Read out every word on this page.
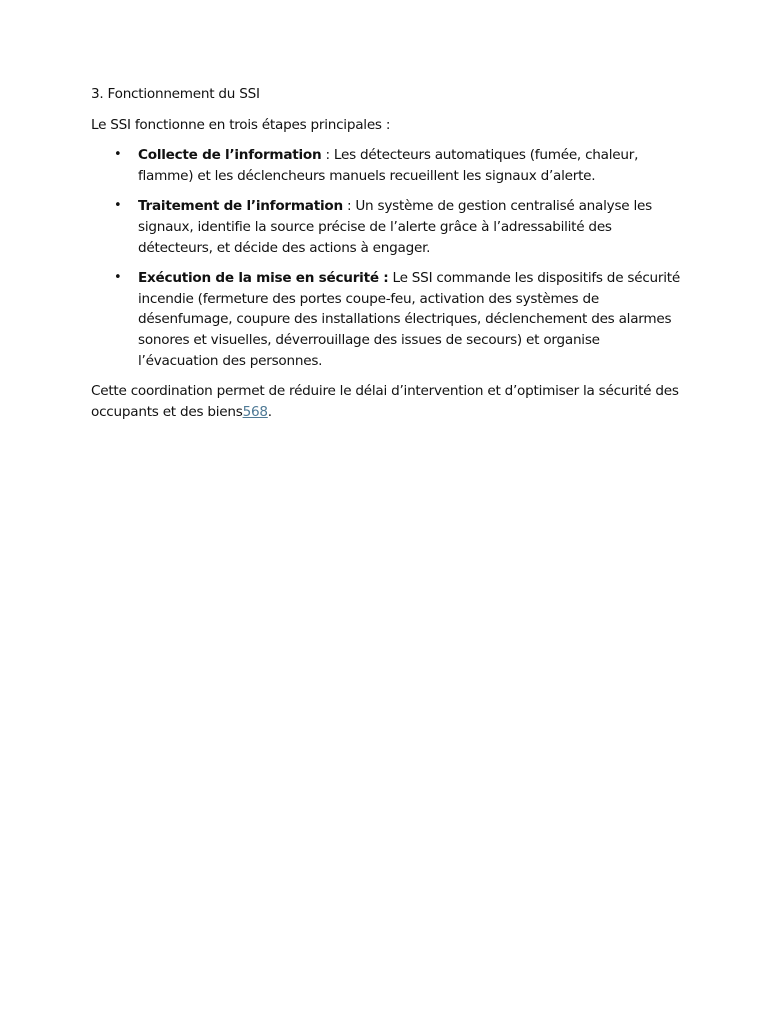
3. Fonctionnement du SSI

Le SSI fonctionne en trois étapes principales :

• Collecte de l’information : Les détecteurs automatiques (fumée, chaleur, flamme) et les déclencheurs manuels recueillent les signaux d’alerte.
• Traitement de l’information : Un système de gestion centralisé analyse les signaux, identifie la source précise de l’alerte grâce à l’adressabilité des détecteurs, et décide des actions à engager.
• Exécution de la mise en sécurité : Le SSI commande les dispositifs de sécurité incendie (fermeture des portes coupe-feu, activation des systèmes de désenfumage, coupure des installations électriques, déclenchement des alarmes sonores et visuelles, déverrouillage des issues de secours) et organise l’évacuation des personnes.

Cette coordination permet de réduire le délai d’intervention et d’optimiser la sécurité des occupants et des biens568.
